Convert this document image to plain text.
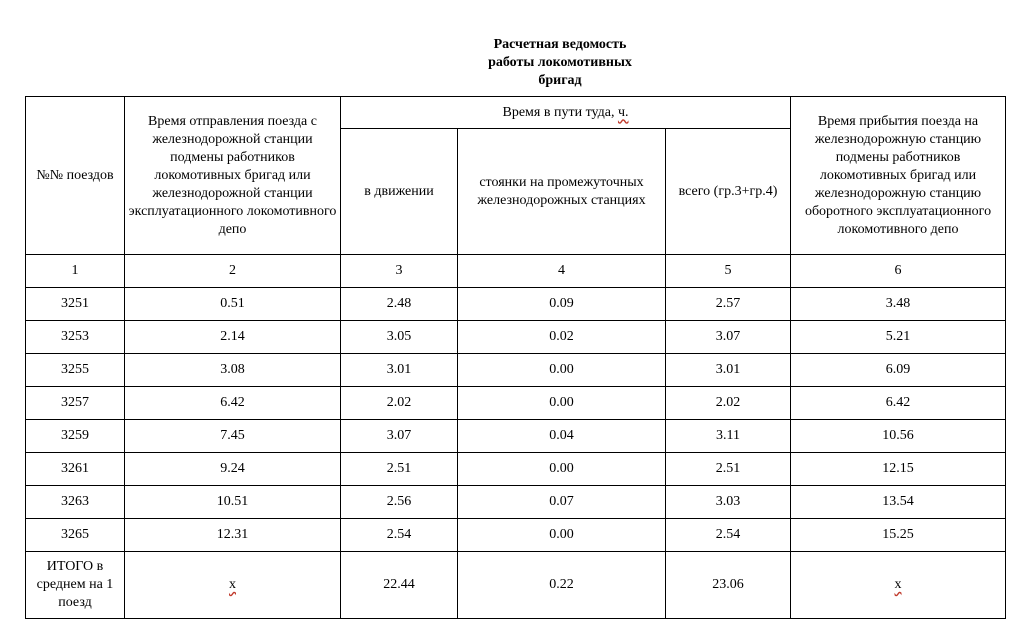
Расчетная ведомость
работы локомотивных
бригад
№№ поездов	Время отправления поезда с железнодорожной станции подмены работников локомотивных бригад или железнодорожной станции эксплуатационного локомотивного депо	Время в пути туда, ч.			Время прибытия поезда на железнодорожную станцию подмены работников локомотивных бригад или железнодорожную станцию оборотного эксплуатационного локомотивного депо
		в движении	стоянки на промежуточных железнодорожных станциях	всего (гр.3+гр.4)	
1	2	3	4	5	6
3251	0.51	2.48	0.09	2.57	3.48
3253	2.14	3.05	0.02	3.07	5.21
3255	3.08	3.01	0.00	3.01	6.09
3257	6.42	2.02	0.00	2.02	6.42
3259	7.45	3.07	0.04	3.11	10.56
3261	9.24	2.51	0.00	2.51	12.15
3263	10.51	2.56	0.07	3.03	13.54
3265	12.31	2.54	0.00	2.54	15.25
ИТОГО в среднем на 1 поезд	х	22.44	0.22	23.06	х
